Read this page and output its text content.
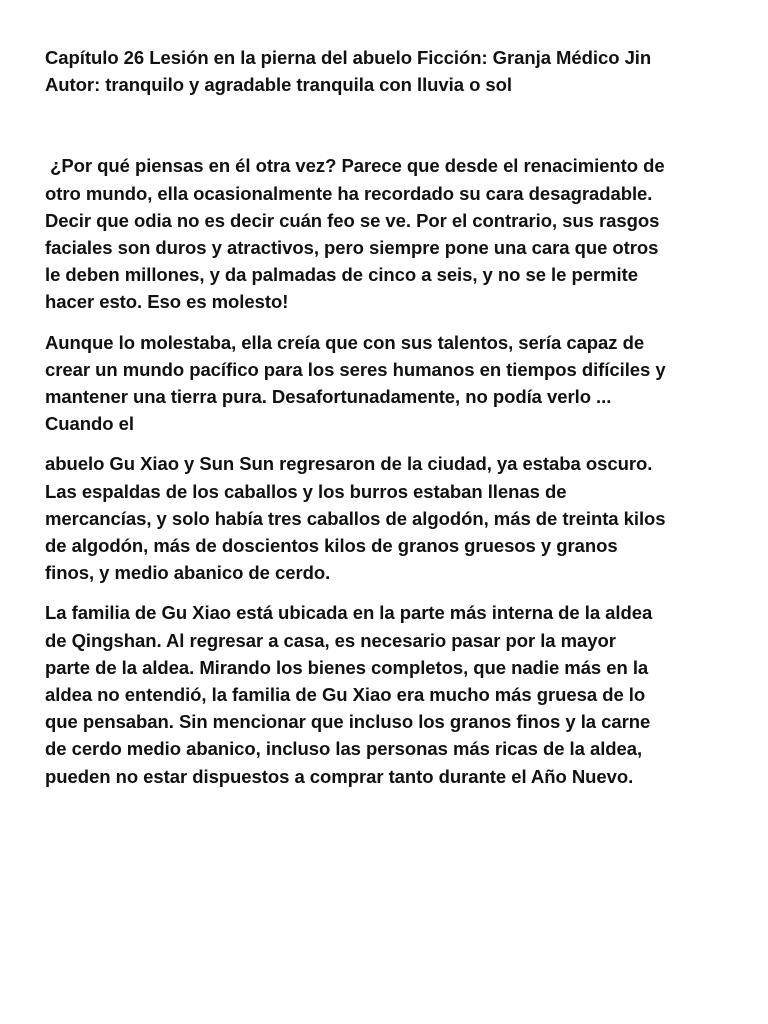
Capítulo 26 Lesión en la pierna del abuelo Ficción: Granja Médico Jin
Autor: tranquilo y agradable tranquila con lluvia o sol
¿Por qué piensas en él otra vez? Parece que desde el renacimiento de
otro mundo, ella ocasionalmente ha recordado su cara desagradable.
Decir que odia no es decir cuán feo se ve. Por el contrario, sus rasgos
faciales son duros y atractivos, pero siempre pone una cara que otros
le deben millones, y da palmadas de cinco a seis, y no se le permite
hacer esto. Eso es molesto!
Aunque lo molestaba, ella creía que con sus talentos, sería capaz de
crear un mundo pacífico para los seres humanos en tiempos difíciles y
mantener una tierra pura. Desafortunadamente, no podía verlo ...
Cuando el
abuelo Gu Xiao y Sun Sun regresaron de la ciudad, ya estaba oscuro.
Las espaldas de los caballos y los burros estaban llenas de
mercancías, y solo había tres caballos de algodón, más de treinta kilos
de algodón, más de doscientos kilos de granos gruesos y granos
finos, y medio abanico de cerdo.
La familia de Gu Xiao está ubicada en la parte más interna de la aldea
de Qingshan. Al regresar a casa, es necesario pasar por la mayor
parte de la aldea. Mirando los bienes completos, que nadie más en la
aldea no entendió, la familia de Gu Xiao era mucho más gruesa de lo
que pensaban. Sin mencionar que incluso los granos finos y la carne
de cerdo medio abanico, incluso las personas más ricas de la aldea,
pueden no estar dispuestos a comprar tanto durante el Año Nuevo.
